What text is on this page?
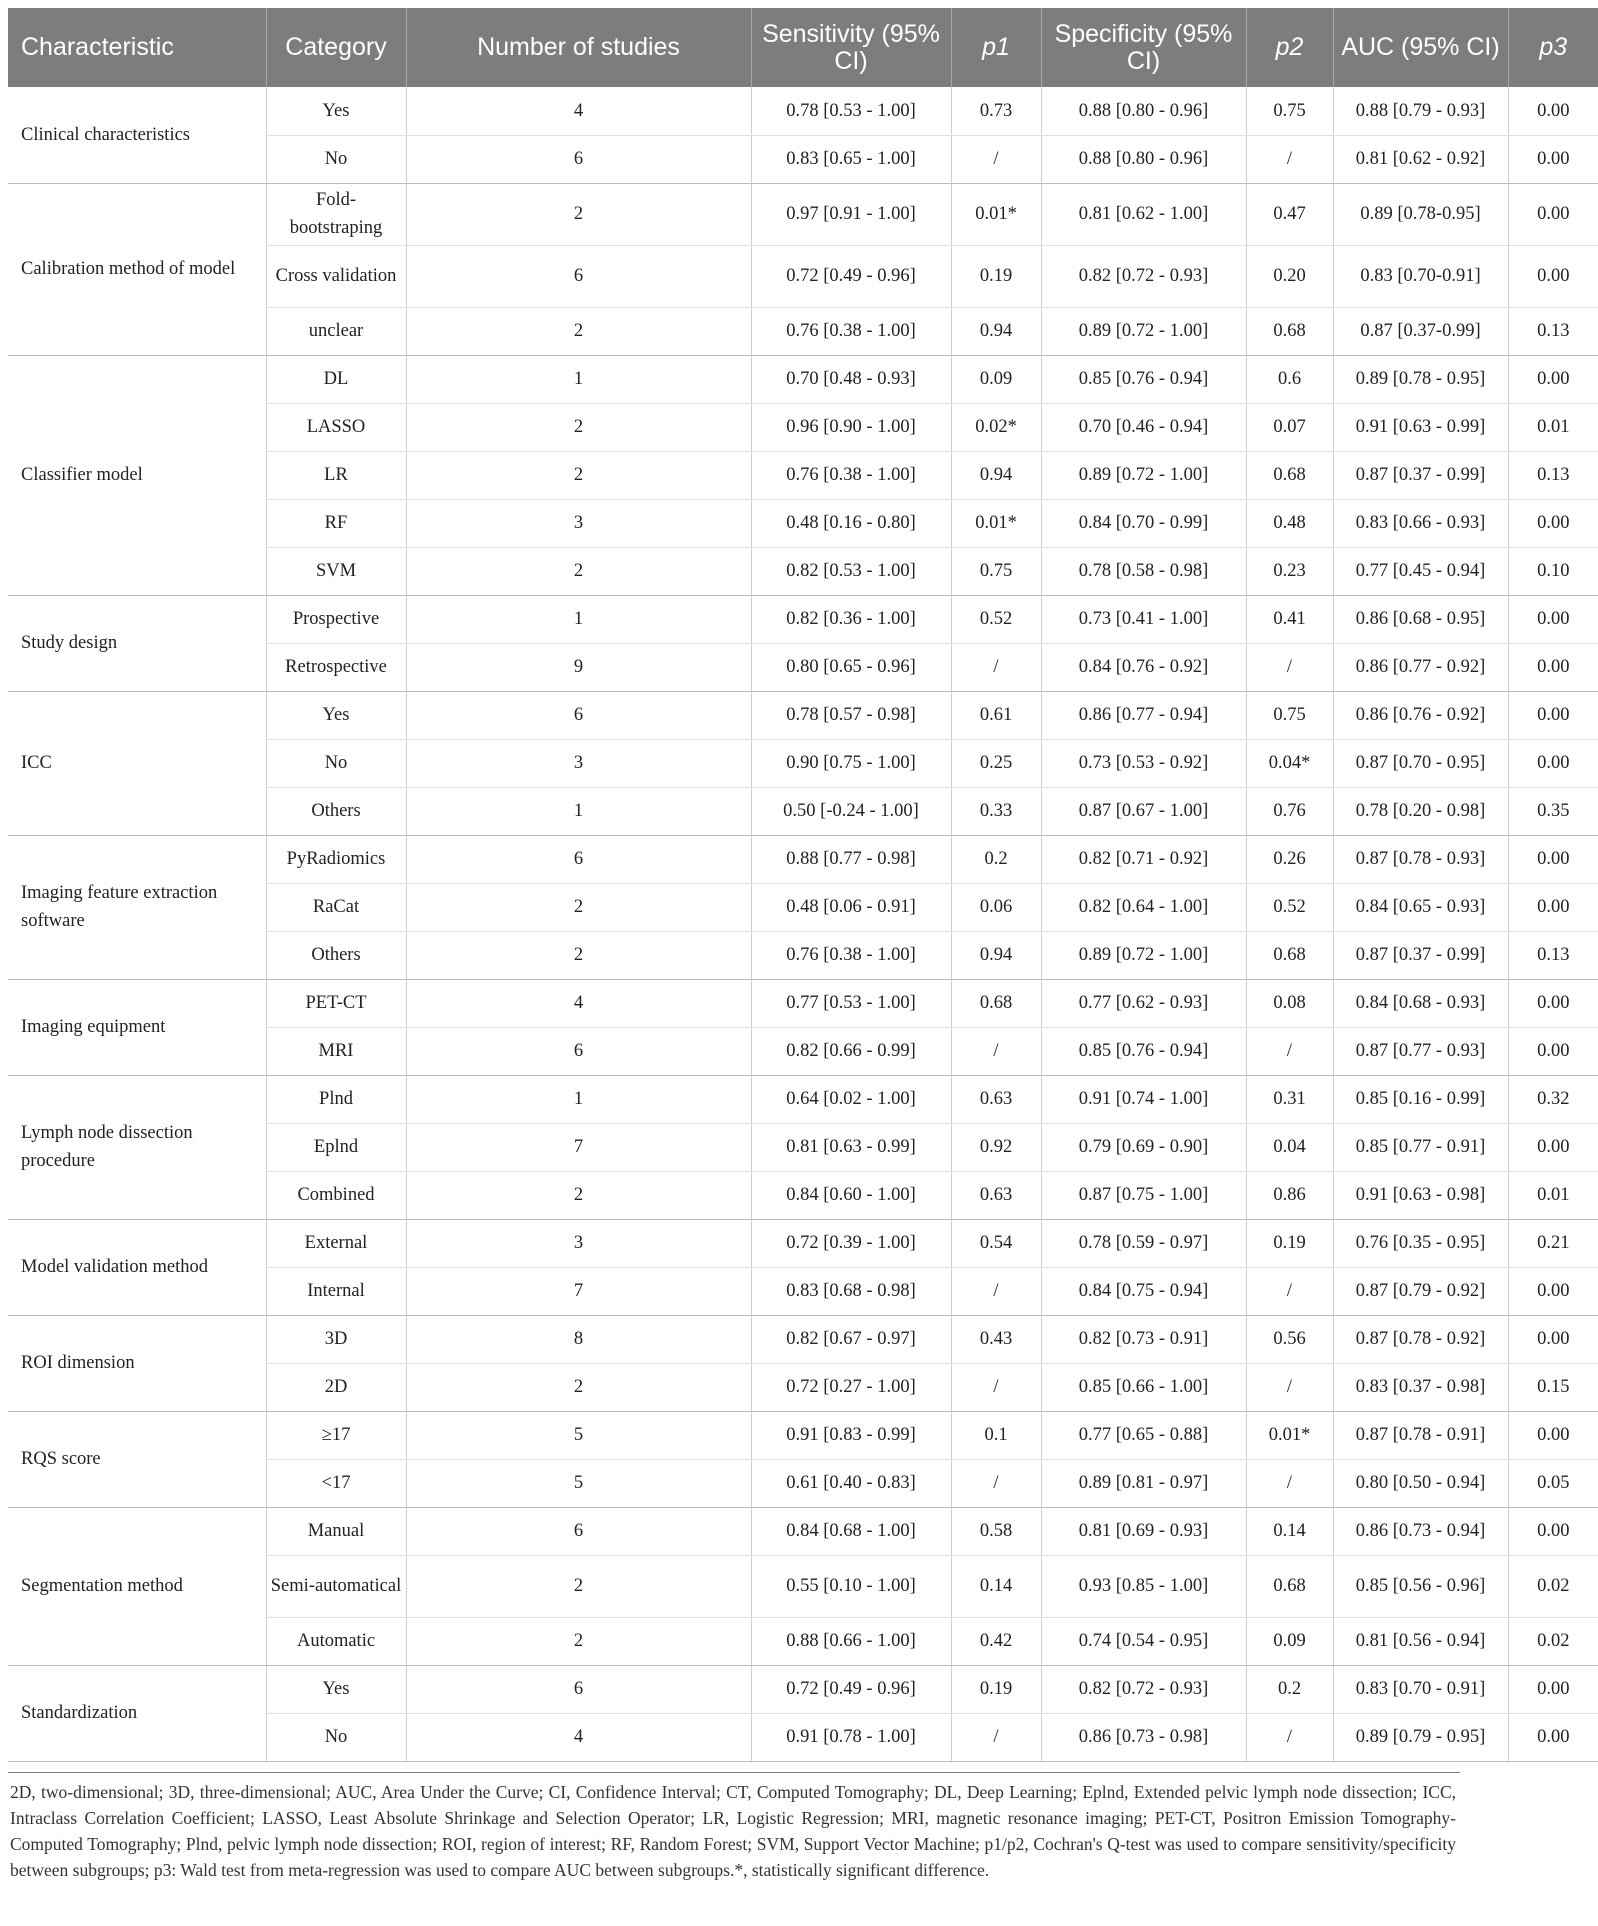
Characteristic	Category	Number of studies	Sensitivity (95% CI)	p1	Specificity (95% CI)	p2	AUC (95% CI)	p3
Clinical characteristics	Yes	4	0.78 [0.53 - 1.00]	0.73	0.88 [0.80 - 0.96]	0.75	0.88 [0.79 - 0.93]	0.00
	No	6	0.83 [0.65 - 1.00]	/	0.88 [0.80 - 0.96]	/	0.81 [0.62 - 0.92]	0.00
Calibration method of model	Fold-bootstraping	2	0.97 [0.91 - 1.00]	0.01*	0.81 [0.62 - 1.00]	0.47	0.89 [0.78-0.95]	0.00
	Cross validation	6	0.72 [0.49 - 0.96]	0.19	0.82 [0.72 - 0.93]	0.20	0.83 [0.70-0.91]	0.00
	unclear	2	0.76 [0.38 - 1.00]	0.94	0.89 [0.72 - 1.00]	0.68	0.87 [0.37-0.99]	0.13
Classifier model	DL	1	0.70 [0.48 - 0.93]	0.09	0.85 [0.76 - 0.94]	0.6	0.89 [0.78 - 0.95]	0.00
	LASSO	2	0.96 [0.90 - 1.00]	0.02*	0.70 [0.46 - 0.94]	0.07	0.91 [0.63 - 0.99]	0.01
	LR	2	0.76 [0.38 - 1.00]	0.94	0.89 [0.72 - 1.00]	0.68	0.87 [0.37 - 0.99]	0.13
	RF	3	0.48 [0.16 - 0.80]	0.01*	0.84 [0.70 - 0.99]	0.48	0.83 [0.66 - 0.93]	0.00
	SVM	2	0.82 [0.53 - 1.00]	0.75	0.78 [0.58 - 0.98]	0.23	0.77 [0.45 - 0.94]	0.10
Study design	Prospective	1	0.82 [0.36 - 1.00]	0.52	0.73 [0.41 - 1.00]	0.41	0.86 [0.68 - 0.95]	0.00
	Retrospective	9	0.80 [0.65 - 0.96]	/	0.84 [0.76 - 0.92]	/	0.86 [0.77 - 0.92]	0.00
ICC	Yes	6	0.78 [0.57 - 0.98]	0.61	0.86 [0.77 - 0.94]	0.75	0.86 [0.76 - 0.92]	0.00
	No	3	0.90 [0.75 - 1.00]	0.25	0.73 [0.53 - 0.92]	0.04*	0.87 [0.70 - 0.95]	0.00
	Others	1	0.50 [-0.24 - 1.00]	0.33	0.87 [0.67 - 1.00]	0.76	0.78 [0.20 - 0.98]	0.35
Imaging feature extraction software	PyRadiomics	6	0.88 [0.77 - 0.98]	0.2	0.82 [0.71 - 0.92]	0.26	0.87 [0.78 - 0.93]	0.00
	RaCat	2	0.48 [0.06 - 0.91]	0.06	0.82 [0.64 - 1.00]	0.52	0.84 [0.65 - 0.93]	0.00
	Others	2	0.76 [0.38 - 1.00]	0.94	0.89 [0.72 - 1.00]	0.68	0.87 [0.37 - 0.99]	0.13
Imaging equipment	PET-CT	4	0.77 [0.53 - 1.00]	0.68	0.77 [0.62 - 0.93]	0.08	0.84 [0.68 - 0.93]	0.00
	MRI	6	0.82 [0.66 - 0.99]	/	0.85 [0.76 - 0.94]	/	0.87 [0.77 - 0.93]	0.00
Lymph node dissection procedure	Plnd	1	0.64 [0.02 - 1.00]	0.63	0.91 [0.74 - 1.00]	0.31	0.85 [0.16 - 0.99]	0.32
	Eplnd	7	0.81 [0.63 - 0.99]	0.92	0.79 [0.69 - 0.90]	0.04	0.85 [0.77 - 0.91]	0.00
	Combined	2	0.84 [0.60 - 1.00]	0.63	0.87 [0.75 - 1.00]	0.86	0.91 [0.63 - 0.98]	0.01
Model validation method	External	3	0.72 [0.39 - 1.00]	0.54	0.78 [0.59 - 0.97]	0.19	0.76 [0.35 - 0.95]	0.21
	Internal	7	0.83 [0.68 - 0.98]	/	0.84 [0.75 - 0.94]	/	0.87 [0.79 - 0.92]	0.00
ROI dimension	3D	8	0.82 [0.67 - 0.97]	0.43	0.82 [0.73 - 0.91]	0.56	0.87 [0.78 - 0.92]	0.00
	2D	2	0.72 [0.27 - 1.00]	/	0.85 [0.66 - 1.00]	/	0.83 [0.37 - 0.98]	0.15
RQS score	≥17	5	0.91 [0.83 - 0.99]	0.1	0.77 [0.65 - 0.88]	0.01*	0.87 [0.78 - 0.91]	0.00
	<17	5	0.61 [0.40 - 0.83]	/	0.89 [0.81 - 0.97]	/	0.80 [0.50 - 0.94]	0.05
Segmentation method	Manual	6	0.84 [0.68 - 1.00]	0.58	0.81 [0.69 - 0.93]	0.14	0.86 [0.73 - 0.94]	0.00
	Semi-automatical	2	0.55 [0.10 - 1.00]	0.14	0.93 [0.85 - 1.00]	0.68	0.85 [0.56 - 0.96]	0.02
	Automatic	2	0.88 [0.66 - 1.00]	0.42	0.74 [0.54 - 0.95]	0.09	0.81 [0.56 - 0.94]	0.02
Standardization	Yes	6	0.72 [0.49 - 0.96]	0.19	0.82 [0.72 - 0.93]	0.2	0.83 [0.70 - 0.91]	0.00
	No	4	0.91 [0.78 - 1.00]	/	0.86 [0.73 - 0.98]	/	0.89 [0.79 - 0.95]	0.00
2D, two-dimensional; 3D, three-dimensional; AUC, Area Under the Curve; CI, Confidence Interval; CT, Computed Tomography; DL, Deep Learning; Eplnd, Extended pelvic lymph node dissection; ICC, Intraclass Correlation Coefficient; LASSO, Least Absolute Shrinkage and Selection Operator; LR, Logistic Regression; MRI, magnetic resonance imaging; PET-CT, Positron Emission Tomography-Computed Tomography; Plnd, pelvic lymph node dissection; ROI, region of interest; RF, Random Forest; SVM, Support Vector Machine; p1/p2, Cochran's Q-test was used to compare sensitivity/specificity between subgroups; p3: Wald test from meta-regression was used to compare AUC between subgroups.*, statistically significant difference.
